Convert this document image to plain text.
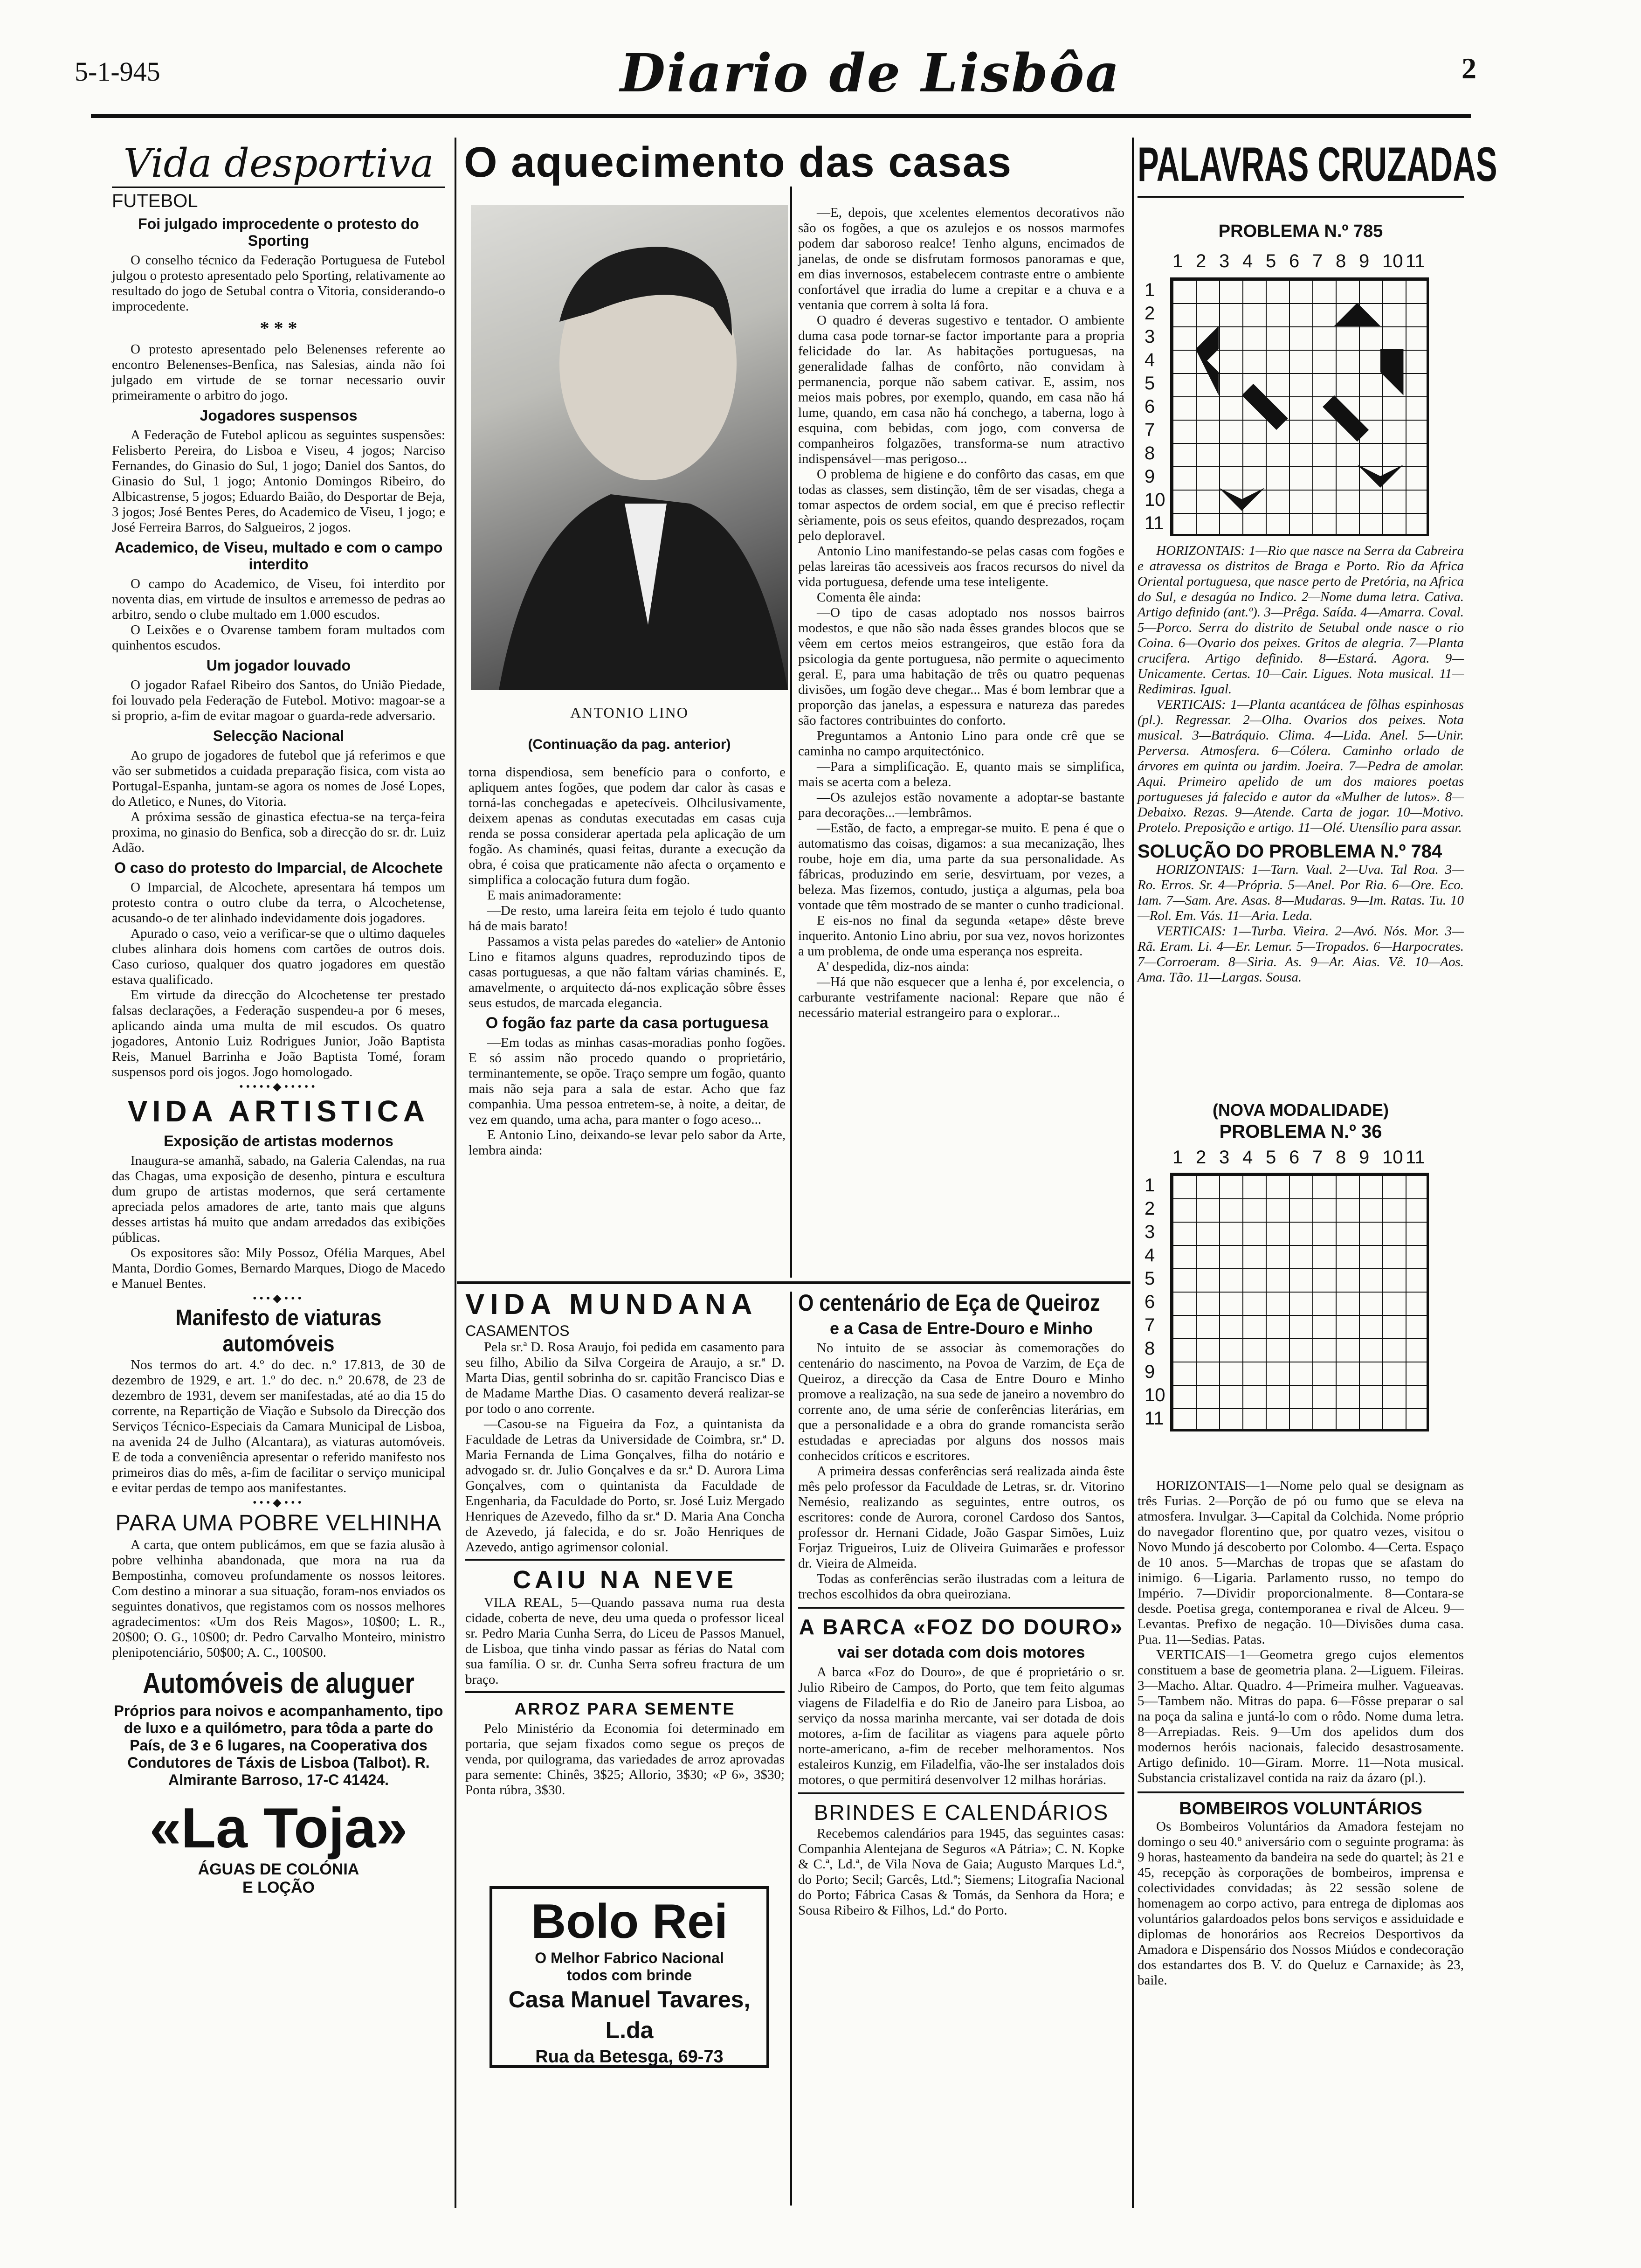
5-1-945	Diario de Lisbôa	2
Vida desportiva
FUTEBOL
Foi julgado improcedente o protesto do Sporting

O conselho técnico da Federação Portuguesa de Futebol julgou o protesto apresentado pelo Sporting, relativamente ao resultado do jogo de Setubal contra o Vitoria, considerando-o improcedente.

* * *

O protesto apresentado pelo Belenenses referente ao encontro Belenenses-Benfica, nas Salesias, ainda não foi julgado em virtude de se tornar necessario ouvir primeiramente o arbitro do jogo.

Jogadores suspensos

A Federação de Futebol aplicou as seguintes suspensões: Felisberto Pereira, do Lisboa e Viseu, 4 jogos; Narciso Fernandes, do Ginasio do Sul, 1 jogo; Daniel dos Santos, do Ginasio do Sul, 1 jogo; Antonio Domingos Ribeiro, do Albicastrense, 5 jogos; Eduardo Baião, do Desportar de Beja, 3 jogos; José Bentes Peres, do Academico de Viseu, 1 jogo; e José Ferreira Barros, do Salgueiros, 2 jogos.

Academico, de Viseu, multado e com o campo interdito

O campo do Academico, de Viseu, foi interdito por noventa dias, em virtude de insultos e arremesso de pedras ao arbitro, sendo o clube multado em 1.000 escudos.

O Leixões e o Ovarense tambem foram multados com quinhentos escudos.

Um jogador louvado

O jogador Rafael Ribeiro dos Santos, do União Piedade, foi louvado pela Federação de Futebol. Motivo: magoar-se a si proprio, a-fim de evitar magoar o guarda-rede adversario.

Selecção Nacional

Ao grupo de jogadores de futebol que já referimos e que vão ser submetidos a cuidada preparação fisica, com vista ao Portugal-Espanha, juntam-se agora os nomes de José Lopes, do Atletico, e Nunes, do Vitoria.

A próxima sessão de ginastica efectua-se na terça-feira proxima, no ginasio do Benfica, sob a direcção do sr. dr. Luiz Adão.

O caso do protesto do Imparcial, de Alcochete

O Imparcial, de Alcochete, apresentara há tempos um protesto contra o outro clube da terra, o Alcochetense, acusando-o de ter alinhado indevidamente dois jogadores.

Apurado o caso, veio a verificar-se que o ultimo daqueles clubes alinhara dois homens com cartões de outros dois. Caso curioso, qualquer dos quatro jogadores em questão estava qualificado.

Em virtude da direcção do Alcochetense ter prestado falsas declarações, a Federação suspendeu-a por 6 meses, aplicando ainda uma multa de mil escudos. Os quatro jogadores, Antonio Luiz Rodrigues Junior, João Baptista Reis, Manuel Barrinha e João Baptista Tomé, foram suspensos pord ois jogos. Jogo homologado.

•••••◆•••••
VIDA ARTISTICA
Exposição de artistas modernos

Inaugura-se amanhã, sabado, na Galeria Calendas, na rua das Chagas, uma exposição de desenho, pintura e escultura dum grupo de artistas modernos, que será certamente apreciada pelos amadores de arte, tanto mais que alguns desses artistas há muito que andam arredados das exibições públicas.

Os expositores são: Mily Possoz, Ofélia Marques, Abel Manta, Dordio Gomes, Bernardo Marques, Diogo de Macedo e Manuel Bentes.

•••◆•••
Manifesto de viaturas automóveis

Nos termos do art. 4.º do dec. n.º 17.813, de 30 de dezembro de 1929, e art. 1.º do dec. n.º 20.678, de 23 de dezembro de 1931, devem ser manifestadas, até ao dia 15 do corrente, na Repartição de Viação e Subsolo da Direcção dos Serviços Técnico-Especiais da Camara Municipal de Lisboa, na avenida 24 de Julho (Alcantara), as viaturas automóveis. E de toda a conveniência apresentar o referido manifesto nos primeiros dias do mês, a-fim de facilitar o serviço municipal e evitar perdas de tempo aos manifestantes.

•••◆•••
PARA UMA POBRE VELHINHA

A carta, que ontem publicámos, em que se fazia alusão à pobre velhinha abandonada, que mora na rua da Bempostinha, comoveu profundamente os nossos leitores. Com destino a minorar a sua situação, foram-nos enviados os seguintes donativos, que registamos com os nossos melhores agradecimentos: «Um dos Reis Magos», 10$00; L. R., 20$00; O. G., 10$00; dr. Pedro Carvalho Monteiro, ministro plenipotenciário, 50$00; A. C., 100$00.

Automóveis de aluguer
Próprios para noivos e acompanhamento, tipo de luxo e a quilómetro, para tôda a parte do País, de 3 e 6 lugares, na Cooperativa dos Condutores de Táxis de Lisboa (Talbot). R. Almirante Barroso, 17-C 41424.
«La Toja»
ÁGUAS DE COLÓNIA
E LOÇÃO
O aquecimento das casas
ANTONIO LINO
(Continuação da pag. anterior)

torna dispendiosa, sem benefício para o conforto, e apliquem antes fogões, que podem dar calor às casas e torná-las conchegadas e apetecíveis. Olhcilusivamente, deixem apenas as condutas executadas em casas cuja renda se possa considerar apertada pela aplicação de um fogão. As chaminés, quasi feitas, durante a execução da obra, é coisa que praticamente não afecta o orçamento e simplifica a colocação futura dum fogão.

E mais animadoramente:

—De resto, uma lareira feita em tejolo é tudo quanto há de mais barato!

Passamos a vista pelas paredes do «atelier» de Antonio Lino e fitamos alguns quadres, reproduzindo tipos de casas portuguesas, a que não faltam várias chaminés. E, amavelmente, o arquitecto dá-nos explicação sôbre êsses seus estudos, de marcada elegancia.

O fogão faz parte da casa portuguesa

—Em todas as minhas casas-moradias ponho fogões. E só assim não procedo quando o proprietário, terminantemente, se opõe. Traço sempre um fogão, quanto mais não seja para a sala de estar. Acho que faz companhia. Uma pessoa entretem-se, à noite, a deitar, de vez em quando, uma acha, para manter o fogo aceso...

E Antonio Lino, deixando-se levar pelo sabor da Arte, lembra ainda:

—E, depois, que xcelentes elementos decorativos não são os fogões, a que os azulejos e os nossos marmofes podem dar saboroso realce! Tenho alguns, encimados de janelas, de onde se disfrutam formosos panoramas e que, em dias invernosos, estabelecem contraste entre o ambiente confortável que irradia do lume a crepitar e a chuva e a ventania que correm à solta lá fora.

O quadro é deveras sugestivo e tentador. O ambiente duma casa pode tornar-se factor importante para a propria felicidade do lar. As habitações portuguesas, na generalidade falhas de confôrto, não convidam à permanencia, porque não sabem cativar. E, assim, nos meios mais pobres, por exemplo, quando, em casa não há lume, quando, em casa não há conchego, a taberna, logo à esquina, com bebidas, com jogo, com conversa de companheiros folgazões, transforma-se num atractivo indispensável—mas perigoso...

O problema de higiene e do confôrto das casas, em que todas as classes, sem distinção, têm de ser visadas, chega a tomar aspectos de ordem social, em que é preciso reflectir sèriamente, pois os seus efeitos, quando desprezados, roçam pelo deploravel.

Antonio Lino manifestando-se pelas casas com fogões e pelas lareiras tão acessiveis aos fracos recursos do nivel da vida portuguesa, defende uma tese inteligente.

Comenta êle ainda:

—O tipo de casas adoptado nos nossos bairros modestos, e que não são nada êsses grandes blocos que se vêem em certos meios estrangeiros, que estão fora da psicologia da gente portuguesa, não permite o aquecimento geral. E, para uma habitação de três ou quatro pequenas divisões, um fogão deve chegar... Mas é bom lembrar que a proporção das janelas, a espessura e natureza das paredes são factores contribuintes do conforto.

Preguntamos a Antonio Lino para onde crê que se caminha no campo arquitectónico.

—Para a simplificação. E, quanto mais se simplifica, mais se acerta com a beleza.

—Os azulejos estão novamente a adoptar-se bastante para decorações...—lembrâmos.

—Estão, de facto, a empregar-se muito. E pena é que o automatismo das coisas, digamos: a sua mecanização, lhes roube, hoje em dia, uma parte da sua personalidade. As fábricas, produzindo em serie, desvirtuam, por vezes, a beleza. Mas fizemos, contudo, justiça a algumas, pela boa vontade que têm mostrado de se manter o cunho tradicional.

E eis-nos no final da segunda «etape» dêste breve inquerito. Antonio Lino abriu, por sua vez, novos horizontes a um problema, de onde uma esperança nos espreita.

A' despedida, diz-nos ainda:

—Há que não esquecer que a lenha é, por excelencia, o carburante vestrifamente nacional: Repare que não é necessário material estrangeiro para o explorar...

VIDA MUNDANA
CASAMENTOS

Pela sr.ª D. Rosa Araujo, foi pedida em casamento para seu filho, Abilio da Silva Corgeira de Araujo, a sr.ª D. Marta Dias, gentil sobrinha do sr. capitão Francisco Dias e de Madame Marthe Dias. O casamento deverá realizar-se por todo o ano corrente.

—Casou-se na Figueira da Foz, a quintanista da Faculdade de Letras da Universidade de Coimbra, sr.ª D. Maria Fernanda de Lima Gonçalves, filha do notário e advogado sr. dr. Julio Gonçalves e da sr.ª D. Aurora Lima Gonçalves, com o quintanista da Faculdade de Engenharia, da Faculdade do Porto, sr. José Luiz Mergado Henriques de Azevedo, filho da sr.ª D. Maria Ana Concha de Azevedo, já falecida, e do sr. João Henriques de Azevedo, antigo agrimensor colonial.

CAIU NA NEVE

VILA REAL, 5—Quando passava numa rua desta cidade, coberta de neve, deu uma queda o professor liceal sr. Pedro Maria Cunha Serra, do Liceu de Passos Manuel, de Lisboa, que tinha vindo passar as férias do Natal com sua família. O sr. dr. Cunha Serra sofreu fractura de um braço.

ARROZ PARA SEMENTE

Pelo Ministério da Economia foi determinado em portaria, que sejam fixados como segue os preços de venda, por quilograma, das variedades de arroz aprovadas para semente: Chinês, 3$25; Allorio, 3$30; «P 6», 3$30; Ponta rúbra, 3$30.

Bolo Rei
O Melhor Fabrico Nacional
todos com brinde
Casa Manuel Tavares, L.da
Rua da Betesga, 69-73
O centenário de Eça de Queiroz
e a Casa de Entre-Douro e Minho

No intuito de se associar às comemorações do centenário do nascimento, na Povoa de Varzim, de Eça de Queiroz, a direcção da Casa de Entre Douro e Minho promove a realização, na sua sede de janeiro a novembro do corrente ano, de uma série de conferências literárias, em que a personalidade e a obra do grande romancista serão estudadas e apreciadas por alguns dos nossos mais conhecidos críticos e escritores.

A primeira dessas conferências será realizada ainda êste mês pelo professor da Faculdade de Letras, sr. dr. Vitorino Nemésio, realizando as seguintes, entre outros, os escritores: conde de Aurora, coronel Cardoso dos Santos, professor dr. Hernani Cidade, João Gaspar Simões, Luiz Forjaz Trigueiros, Luiz de Oliveira Guimarães e professor dr. Vieira de Almeida.

Todas as conferências serão ilustradas com a leitura de trechos escolhidos da obra queiroziana.

A BARCA «FOZ DO DOURO»
vai ser dotada com dois motores

A barca «Foz do Douro», de que é proprietário o sr. Julio Ribeiro de Campos, do Porto, que tem feito algumas viagens de Filadelfia e do Rio de Janeiro para Lisboa, ao serviço da nossa marinha mercante, vai ser dotada de dois motores, a-fim de facilitar as viagens para aquele pôrto norte-americano, a-fim de receber melhoramentos. Nos estaleiros Kunzig, em Filadelfia, vão-lhe ser instalados dois motores, o que permitirá desenvolver 12 milhas horárias.

BRINDES E CALENDÁRIOS

Recebemos calendários para 1945, das seguintes casas: Companhia Alentejana de Seguros «A Pátria»; C. N. Kopke & C.ª, Ld.ª, de Vila Nova de Gaia; Augusto Marques Ld.ª, do Porto; Secil; Garcês, Ltd.ª; Siemens; Litografia Nacional do Porto; Fábrica Casas & Tomás, da Senhora da Hora; e Sousa Ribeiro & Filhos, Ld.ª do Porto.

PALAVRAS CRUZADAS
PROBLEMA N.º 785
1 2 3 4 5 6 7 8 9 10 11
1
2
3
4
5
6
7
8
9
10
11

HORIZONTAIS: 1—Rio que nasce na Serra da Cabreira e atravessa os distritos de Braga e Porto. Rio da Africa Oriental portuguesa, que nasce perto de Pretória, na Africa do Sul, e desagúa no Indico. 2—Nome duma letra. Cativa. Artigo definido (ant.º). 3—Prêga. Saída. 4—Amarra. Coval. 5—Porco. Serra do distrito de Setubal onde nasce o rio Coina. 6—Ovario dos peixes. Gritos de alegria. 7—Planta crucifera. Artigo definido. 8—Estará. Agora. 9—Unicamente. Certas. 10—Cair. Ligues. Nota musical. 11—Redimiras. Igual.

VERTICAIS: 1—Planta acantácea de fôlhas espinhosas (pl.). Regressar. 2—Olha. Ovarios dos peixes. Nota musical. 3—Batráquio. Clima. 4—Lida. Anel. 5—Unir. Perversa. Atmosfera. 6—Cólera. Caminho orlado de árvores em quinta ou jardim. Joeira. 7—Pedra de amolar. Aqui. Primeiro apelido de um dos maiores poetas portugueses já falecido e autor da «Mulher de lutos». 8—Debaixo. Rezas. 9—Atende. Carta de jogar. 10—Motivo. Protelo. Preposição e artigo. 11—Olé. Utensílio para assar.

SOLUÇÃO DO PROBLEMA N.º 784

HORIZONTAIS: 1—Tarn. Vaal. 2—Uva. Tal Roa. 3—Ro. Erros. Sr. 4—Própria. 5—Anel. Por Ria. 6—Ore. Eco. Iam. 7—Sam. Are. Asas. 8—Mudaras. 9—Im. Ratas. Tu. 10—Rol. Em. Vás. 11—Aria. Leda.

VERTICAIS: 1—Turba. Vieira. 2—Avó. Nós. Mor. 3—Rã. Eram. Li. 4—Er. Lemur. 5—Tropados. 6—Harpocrates. 7—Corroeram. 8—Siria. As. 9—Ar. Aias. Vê. 10—Aos. Ama. Tão. 11—Largas. Sousa.

(NOVA MODALIDADE)
PROBLEMA N.º 36
1 2 3 4 5 6 7 8 9 10 11
1
2
3
4
5
6
7
8
9
10
11

HORIZONTAIS—1—Nome pelo qual se designam as três Furias. 2—Porção de pó ou fumo que se eleva na atmosfera. Invulgar. 3—Capital da Colchida. Nome próprio do navegador florentino que, por quatro vezes, visitou o Novo Mundo já descoberto por Colombo. 4—Certa. Espaço de 10 anos. 5—Marchas de tropas que se afastam do inimigo. 6—Ligaria. Parlamento russo, no tempo do Império. 7—Dividir proporcionalmente. 8—Contara-se desde. Poetisa grega, contemporanea e rival de Alceu. 9—Levantas. Prefixo de negação. 10—Divisões duma casa. Pua. 11—Sedias. Patas.

VERTICAIS—1—Geometra grego cujos elementos constituem a base de geometria plana. 2—Liguem. Fileiras. 3—Macho. Altar. Quadro. 4—Primeira mulher. Vagueavas. 5—Tambem não. Mitras do papa. 6—Fôsse preparar o sal na poça da salina e juntá-lo com o rôdo. Nome duma letra. 8—Arrepiadas. Reis. 9—Um dos apelidos dum dos modernos heróis nacionais, falecido desastrosamente. Artigo definido. 10—Giram. Morre. 11—Nota musical. Substancia cristalizavel contida na raiz da ázaro (pl.).

BOMBEIROS VOLUNTÁRIOS

Os Bombeiros Voluntários da Amadora festejam no domingo o seu 40.º aniversário com o seguinte programa: às 9 horas, hasteamento da bandeira na sede do quartel; às 21 e 45, recepção às corporações de bombeiros, imprensa e colectividades convidadas; às 22 sessão solene de homenagem ao corpo activo, para entrega de diplomas aos voluntários galardoados pelos bons serviços e assiduidade e diplomas de honorários aos Recreios Desportivos da Amadora e Dispensário dos Nossos Miúdos e condecoração dos estandartes dos B. V. do Queluz e Carnaxide; às 23, baile.
